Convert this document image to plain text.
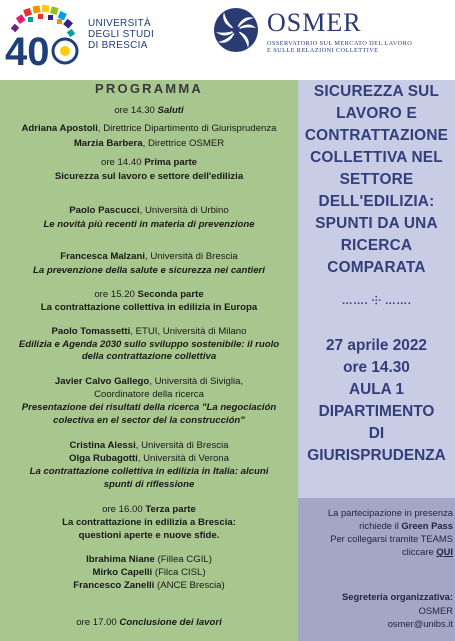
40
UNIVERSITÀ
DEGLI STUDI
DI BRESCIA
OSMER
OSSERVATORIO SUL MERCATO DEL LAVORO
E SULLE RELAZIONI COLLETTIVE
PROGRAMMA
ore 14.30 Saluti
Adriana Apostoli, Direttrice Dipartimento di Giurisprudenza
Marzia Barbera, Direttrice OSMER
ore 14.40 Prima parte
Sicurezza sul lavoro e settore dell'edilizia
Paolo Pascucci, Università di Urbino
Le novità più recenti in materia di prevenzione
Francesca Malzani, Università di Brescia
La prevenzione della salute e sicurezza nei cantieri
ore 15.20 Seconda parte
La contrattazione collettiva in edilizia in Europa
Paolo Tomassetti, ETUI, Università di Milano
Edilizia e Agenda 2030 sullo sviluppo sostenibile: il ruolo
della contrattazione collettiva
Javier Calvo Gallego, Università di Siviglia,
Coordinatore della ricerca
Presentazione dei risultati della ricerca "La negociación
colectiva en el sector del la construcción"
Cristina Alessi, Università di Brescia
Olga Rubagotti, Università di Verona
La contrattazione collettiva in edilizia in Italia: alcuni
spunti di riflessione
ore 16.00 Terza parte
La contrattazione in edilizia a Brescia:
questioni aperte e nuove sfide.
Ibrahima Niane (Fillea CGIL)
Mirko Capelli (Filca CISL)
Francesco Zanelli (ANCE Brescia)
ore 17.00 Conclusione dei lavori
SICUREZZA SUL
LAVORO E
CONTRATTAZIONE
COLLETTIVA NEL
SETTORE
DELL'EDILIZIA:
SPUNTI DA UNA
RICERCA
COMPARATA
……. ⸭ …….
27 aprile 2022
ore 14.30
AULA 1
DIPARTIMENTO
DI
GIURISPRUDENZA
La partecipazione in presenza
richiede il Green Pass
Per collegarsi tramite TEAMS
cliccare QUI
Segreteria organizzativa:
OSMER
osmer@unibs.it
